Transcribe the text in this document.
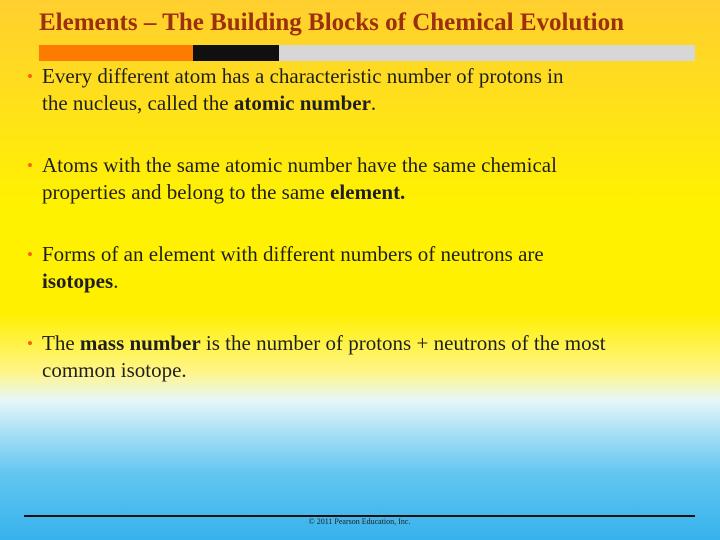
Elements – The Building Blocks of Chemical Evolution
• Every different atom has a characteristic number of protons in
the nucleus, called the atomic number.
• Atoms with the same atomic number have the same chemical
properties and belong to the same element.
• Forms of an element with different numbers of neutrons are
isotopes.
• The mass number is the number of protons + neutrons of the most
common isotope.
© 2011 Pearson Education, Inc.
